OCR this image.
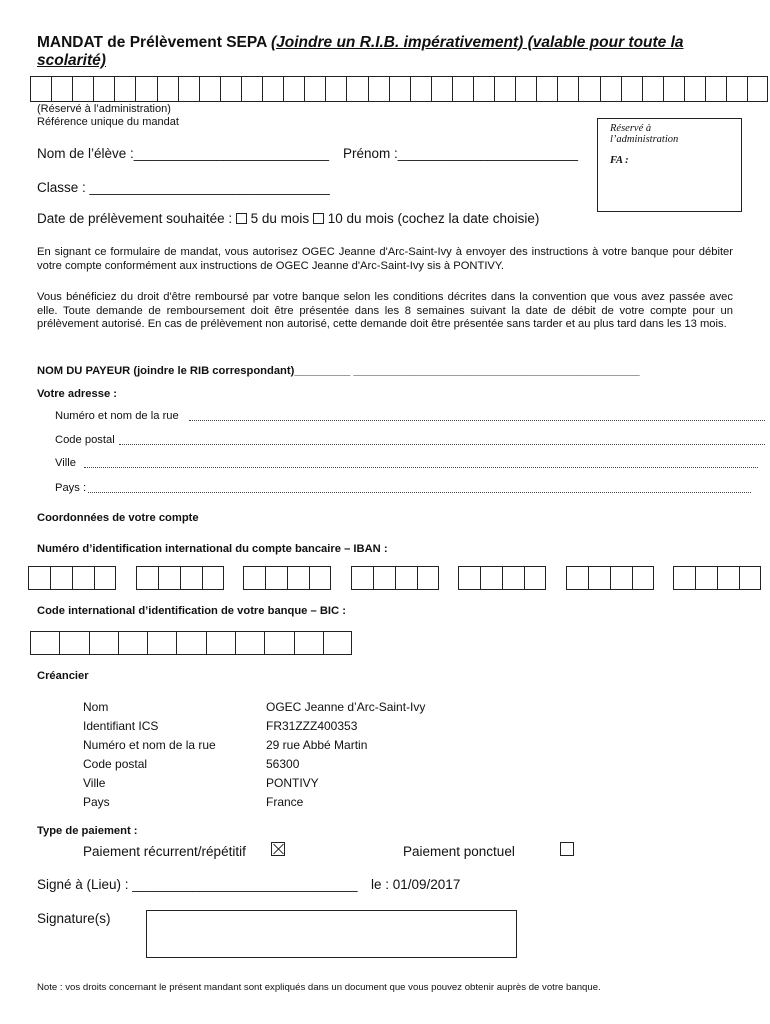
MANDAT de Prélèvement SEPA (Joindre un R.I.B. impérativement) (valable pour toute la scolarité)
(Réservé à l’administration)
Référence unique du mandat
Réservé à
l’administration
FA :
Nom de l’élève :__________________________ Prénom :________________________
Classe : ________________________________
Date de prélèvement souhaitée : 5 du mois 10 du mois (cochez la date choisie)
En signant ce formulaire de mandat, vous autorisez OGEC Jeanne d'Arc-Saint-Ivy à envoyer des instructions à votre banque pour débiter votre compte conformément aux instructions de OGEC Jeanne d'Arc-Saint-Ivy sis à PONTIVY.
Vous bénéficiez du droit d'être remboursé par votre banque selon les conditions décrites dans la convention que vous avez passée avec elle. Toute demande de remboursement doit être présentée dans les 8 semaines suivant la date de débit de votre compte pour un prélèvement autorisé. En cas de prélèvement non autorisé, cette demande doit être présentée sans tarder et au plus tard dans les 13 mois.
NOM DU PAYEUR (joindre le RIB correspondant)_________ ______________________________________________
Votre adresse :
Numéro et nom de la rue
Code postal
Ville
Pays :
Coordonnées de votre compte
Numéro d’identification international du compte bancaire – IBAN :
Code international d’identification de votre banque – BIC :
Créancier
Nom	OGEC Jeanne d’Arc-Saint-Ivy
Identifiant ICS	FR31ZZZ400353
Numéro et nom de la rue	29 rue Abbé Martin
Code postal	56300
Ville	PONTIVY
Pays	France
Type de paiement :
Paiement récurrent/répétitif
	Paiement ponctuel
Signé à (Lieu) : ______________________________ le : 01/09/2017
Signature(s)
Note : vos droits concernant le présent mandant sont expliqués dans un document que vous pouvez obtenir auprès de votre banque.
